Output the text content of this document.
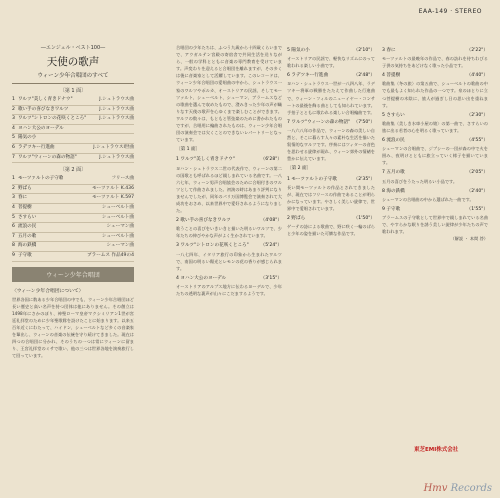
EAA-149 · STEREO
―エンジェル・ベスト100―
天使の歌声
ウィーン少年合唱団のすべて
〔第 1 面〕
1 ワルツ"美しく青きドナウ"	J.シュトラウス曲
2 歌い手の喜びなきワルツ	J.シュトラウス曲
3 ワルツ"シトロンの花咲くところ"	J.シュトラウス曲
4 ヨハン大公のヨーデル
5 陽気の小
6 ラデツキー行進曲	J.シュトラウスⅠ世曲
7 ワルツ"ウィーンの森の物語"	J.シュトラウス曲
〔第 2 面〕
1 モーツァルトの子守歌	フリース曲
2 野ばら	モーツァルト K.436
3 春に	モーツァルト K.597
4 菩提樹	シューベルト曲
5 さすらい	シューベルト曲
6 流浪の民	シューマン曲
7 五月の歌	シューベルト曲
8 海の鉄橋	シューマン曲
9 子守歌	ブラームス 作品49の4
ウィーン少年合唱団
〈ウィーン少年合唱団について〉
世界各国に数ある少年合唱団の中でも、ウィーン少年合唱団ほど長い歴史と高い名声を持つ団体は他にありません。その創立は1498年にさかのぼり、神聖ローマ皇帝マクシミリアン1世が宮廷礼拝堂のために少年聖歌隊を設けたことに始まります。以来五百年近くにわたって、ハイドン、シューベルトなど多くの音楽家を輩出し、ウィーンの音楽の伝統を守り続けてきました。現在は四つの合唱団に分かれ、そのうちの一つは常にウィーンに留まり、王宮礼拝堂のミサで歌い、他の三つは世界各地を演奏旅行して回っています。
合唱団の少年たちは、ふつう九歳から十四歳くらいまでで、アウガルテン宮殿の寄宿舎で共同生活を送りながら、一般の学科とともに音楽の専門教育を受けています。声変わりを迎えると合唱団を離れますが、その多くは後に音楽家として活躍しています。このレコードは、ウィーン少年合唱団の愛唱曲の中から、シュトラウス一家のワルツやポルカ、オーストリアの民謡、そしてモーツァルト、シューベルト、シューマン、ブラームスなどの歌曲を選んで収めたもので、澄みきった少年の声が織りなす天使の歌声を心ゆくまで楽しむことができます。ワルツの数々は、もともと管弦楽のために書かれたものですが、合唱用に編曲されたものは、ウィーン少年合唱団の演奏会では欠くことのできないレパートリーとなっています。
〔第 1 面〕
1 ワルツ"美しく青きドナウ"	（6'28"）
ヨハン・シュトラウス二世の代表作で、ウィーンの第二の国歌とも呼ばれるほど親しまれている名曲です。一八六七年、ウィーン男声合唱協会のために合唱付きのワルツとして作曲されました。初演の時はあまり評判になりませんでしたが、同年のパリ万国博覧会で演奏されて大成功をおさめ、以来世界中で愛好されるようになりました。
2 歌い手の喜びなきワルツ	（4'08"）
歌うことの喜びをいきいきと描いた明るいワルツで、少年たちの伸びやかな声がよく生かされています。
3 ワルツ"シトロンの花咲くところ"	（5'24"）
一八七四年、イタリア旅行の印象から生まれたワルツで、南国の明るい陽光とレモンの花の香りが感じられます。
4 ヨハン大公のヨーデル	（3'15"）
オーストリアのアルプス地方に伝わるヨーデルで、少年たちの透明な裏声が山々にこだまするようです。
5 陽気の小	（2'10"）
オーストリアの民謡で、軽快なリズムにのって歌われる楽しい小曲です。
6 ラデツキー行進曲	（2'48"）
ヨハン・シュトラウス一世が一八四八年、ラデツキー将軍の戦勝をたたえて作曲した行進曲で、ウィーン・フィルのニューイヤー・コンサートの最後を飾る曲としても知られています。手拍子とともに歌われる楽しい合唱編曲です。
7 ワルツ"ウィーンの森の物語" （7'50"）
一八六八年の作品で、ウィーンの森の美しい自然と、そこに暮らす人々の素朴な生活を描いた叙情的なワルツです。序奏にはツィターの音色を思わせる旋律が現れ、ウィーン郊外の情緒を豊かに伝えています。
〔第 2 面〕
1 モーツァルトの子守歌	（2'35"）
長い間モーツァルトの作品とされてきましたが、現在ではフリースの作曲であることが明らかになっています。やさしく美しい旋律で、世界中で愛唱されています。
2 野ばら	（1'50"）
ゲーテの詩による歌曲で、野に咲く一輪のばらと少年の姿を描いた可憐な作品です。
3 春に	（2'22"）
モーツァルトの最晩年の作品で、春の訪れを待ちわびる子供の気持ちをあどけなく歌った小品です。
4 菩提樹	（4'40"）
歌曲集〈冬の旅〉の第五曲で、シューベルトの歌曲の中でも最もよく知られた作品の一つです。泉のほとりに立つ菩提樹の木陰に、旅人が過ぎし日の思い出を重ねます。
5 さすらい	（2'30"）
歌曲集〈美しき水車小屋の娘〉の第一曲で、さすらいの旅に出る若者の心を明るく歌っています。
6 流浪の民	（4'55"）
シューマンの合唱曲で、ジプシーの一団が森の中で火を囲み、夜明けとともに旅立っていく様子を描いています。
7 五月の歌	（2'05"）
五月の喜びをうたった明るい小品です。
8 海の鉄橋	（2'40"）
シューマンの合唱曲の中から選ばれた一曲です。
9 子守歌	（1'55"）
ブラームスの子守歌として世界中で親しまれている名曲で、やすらかな眠りを誘う美しい旋律が少年たちの声で歌われます。
（解説 ・ 本間 啓）
東芝EMI株式会社
Hmv Records
